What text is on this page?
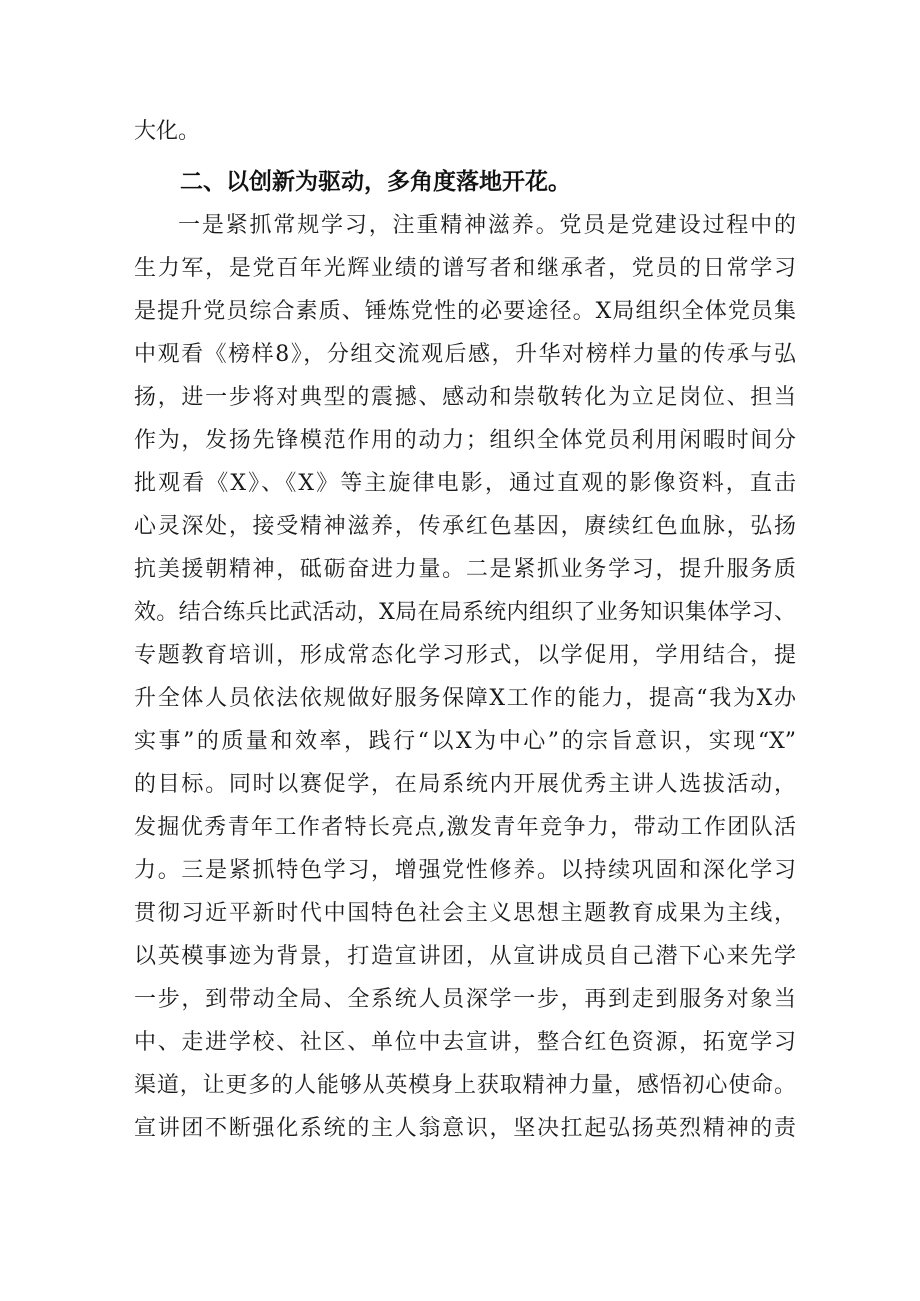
大化。
二、以创新为驱动，多角度落地开花。
一是紧抓常规学习，注重精神滋养。党员是党建设过程中的
生力军，是党百年光辉业绩的谱写者和继承者，党员的日常学习
是提升党员综合素质、锤炼党性的必要途径。X局组织全体党员集
中观看《榜样8》，分组交流观后感，升华对榜样力量的传承与弘
扬，进一步将对典型的震撼、感动和崇敬转化为立足岗位、担当
作为，发扬先锋模范作用的动力；组织全体党员利用闲暇时间分
批观看《X》、《X》等主旋律电影，通过直观的影像资料，直击
心灵深处，接受精神滋养，传承红色基因，赓续红色血脉，弘扬
抗美援朝精神，砥砺奋进力量。二是紧抓业务学习，提升服务质
效。结合练兵比武活动，X局在局系统内组织了业务知识集体学习、
专题教育培训，形成常态化学习形式，以学促用，学用结合，提
升全体人员依法依规做好服务保障X工作的能力，提高“我为X办
实事”的质量和效率，践行“以X为中心”的宗旨意识，实现“X”
的目标。同时以赛促学，在局系统内开展优秀主讲人选拔活动，
发掘优秀青年工作者特长亮点,激发青年竞争力，带动工作团队活
力。三是紧抓特色学习，增强党性修养。以持续巩固和深化学习
贯彻习近平新时代中国特色社会主义思想主题教育成果为主线，
以英模事迹为背景，打造宣讲团，从宣讲成员自己潜下心来先学
一步，到带动全局、全系统人员深学一步，再到走到服务对象当
中、走进学校、社区、单位中去宣讲，整合红色资源，拓宽学习
渠道，让更多的人能够从英模身上获取精神力量，感悟初心使命。
宣讲团不断强化系统的主人翁意识，坚决扛起弘扬英烈精神的责
